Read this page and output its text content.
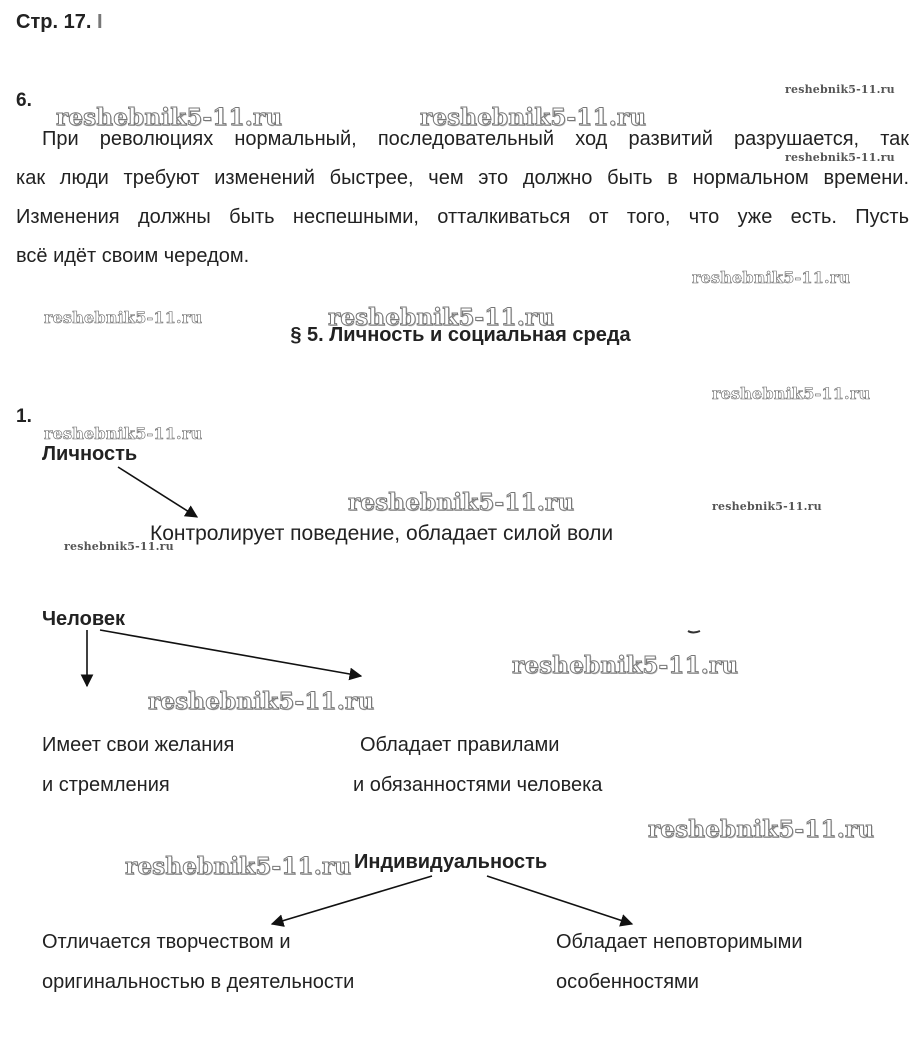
Стр. 17. I
6.
При революциях нормальный, последовательный ход развитий разрушается, так
как люди требуют изменений быстрее, чем это должно быть в нормальном времени.
Изменения должны быть неспешными, отталкиваться от того, что уже есть. Пусть
всё идёт своим чередом.
§ 5. Личность и социальная среда
1.
Личность
Контролирует поведение, обладает силой воли
Человек
Имеет свои желания
и стремления
Обладает правилами
и обязанностями человека
Индивидуальность
Отличается творчеством и
оригинальностью в деятельности
Обладает неповторимыми
особенностями
reshebnik5-11.ru	reshebnik5-11.ru
reshebnik5-11.ru
reshebnik5-11.ru
reshebnik5-11.ru
reshebnik5-11.ru	reshebnik5-11.ru
reshebnik5-11.ru
reshebnik5-11.ru
reshebnik5-11.ru	reshebnik5-11.ru
reshebnik5-11.ru
reshebnik5-11.ru
reshebnik5-11.ru
reshebnik5-11.ru
reshebnik5-11.ru
